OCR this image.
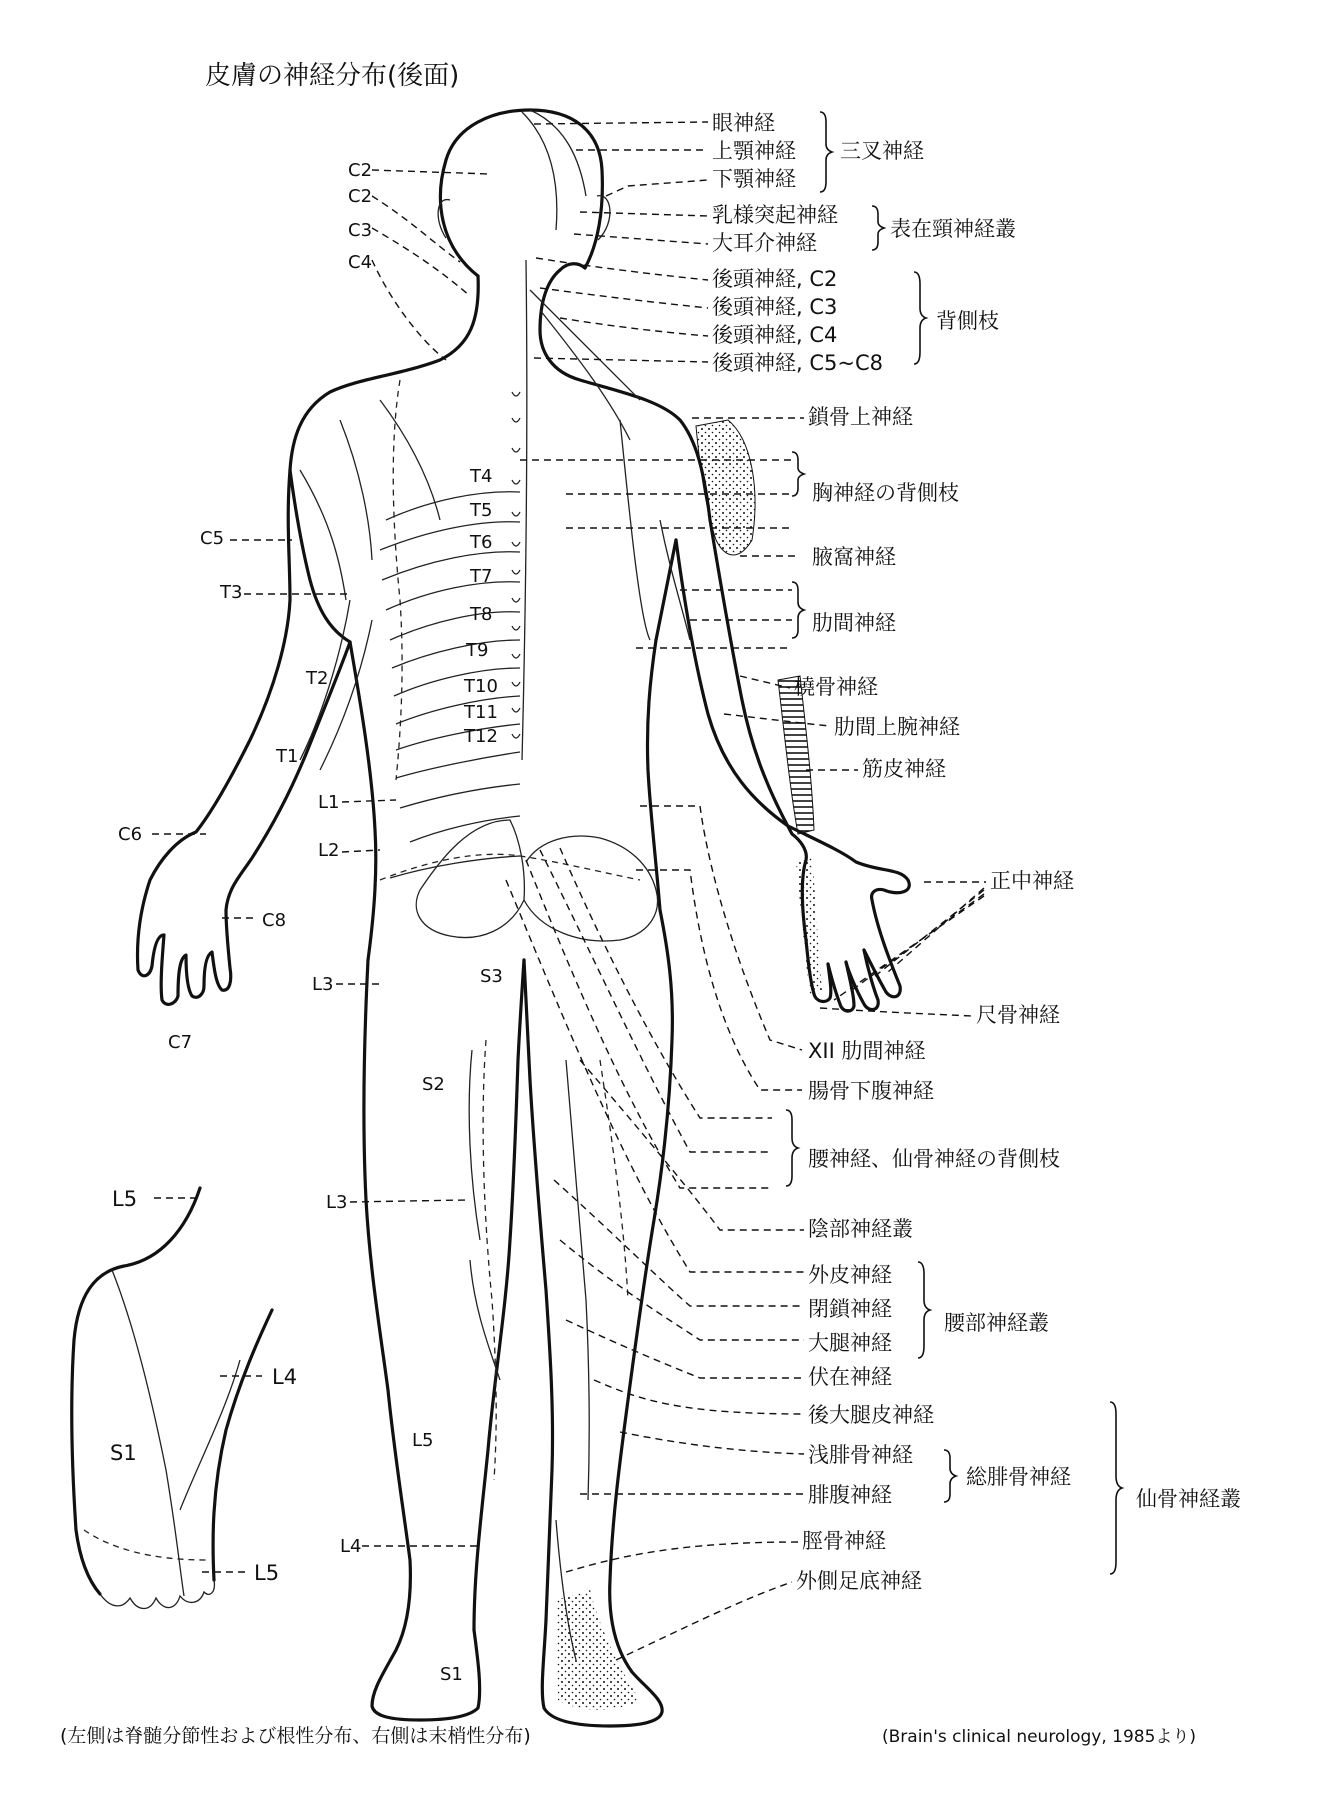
皮膚の神経分布(後面)
L5
L4
L5
S1
C2
C2
C3
C4
C5
T3
T2
T1
C6
C8
C7
T4
T5
T6
T7
T8
T9
T10
T11
T12
L1
L2
L3	S3
S2
L3
L5
L4
S1
眼神経
上顎神経
下顎神経
三叉神経
乳様突起神経
大耳介神経
表在頸神経叢
後頭神経, C2
後頭神経, C3
後頭神経, C4
後頭神経, C5~C8
背側枝
鎖骨上神経
胸神経の背側枝
腋窩神経
肋間神経
橈骨神経
肋間上腕神経
筋皮神経
正中神経
尺骨神経
XII 肋間神経
腸骨下腹神経
腰神経、仙骨神経の背側枝
陰部神経叢
外皮神経
閉鎖神経
大腿神経
伏在神経
腰部神経叢
後大腿皮神経
浅腓骨神経
腓腹神経
総腓骨神経
脛骨神経
外側足底神経
仙骨神経叢
(左側は脊髄分節性および根性分布、右側は末梢性分布)	(Brain's clinical neurology, 1985より)
